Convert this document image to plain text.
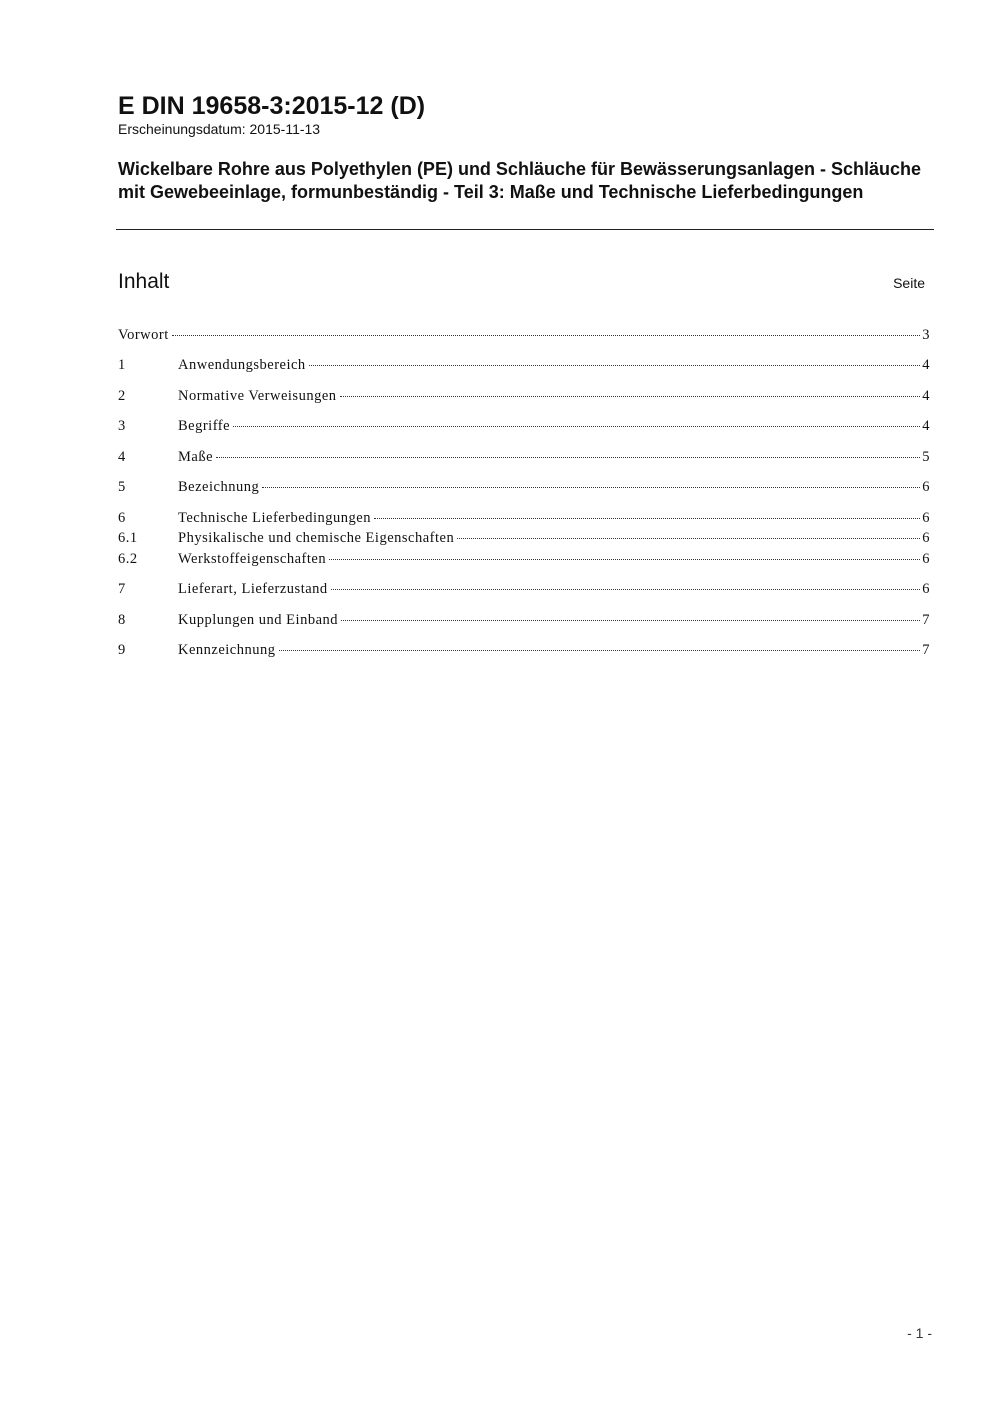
E DIN 19658-3:2015-12 (D)
Erscheinungsdatum: 2015-11-13
Wickelbare Rohre aus Polyethylen (PE) und Schläuche für Bewässerungsanlagen - Schläuche mit Gewebeeinlage, formunbeständig - Teil 3: Maße und Technische Lieferbedingungen
Inhalt	Seite
Vorwort	3
1	Anwendungsbereich	4
2	Normative Verweisungen	4
3	Begriffe	4
4	Maße	5
5	Bezeichnung	6
6	Technische Lieferbedingungen	6
6.1	Physikalische und chemische Eigenschaften	6
6.2	Werkstoffeigenschaften	6
7	Lieferart, Lieferzustand	6
8	Kupplungen und Einband	7
9	Kennzeichnung	7
- 1 -
